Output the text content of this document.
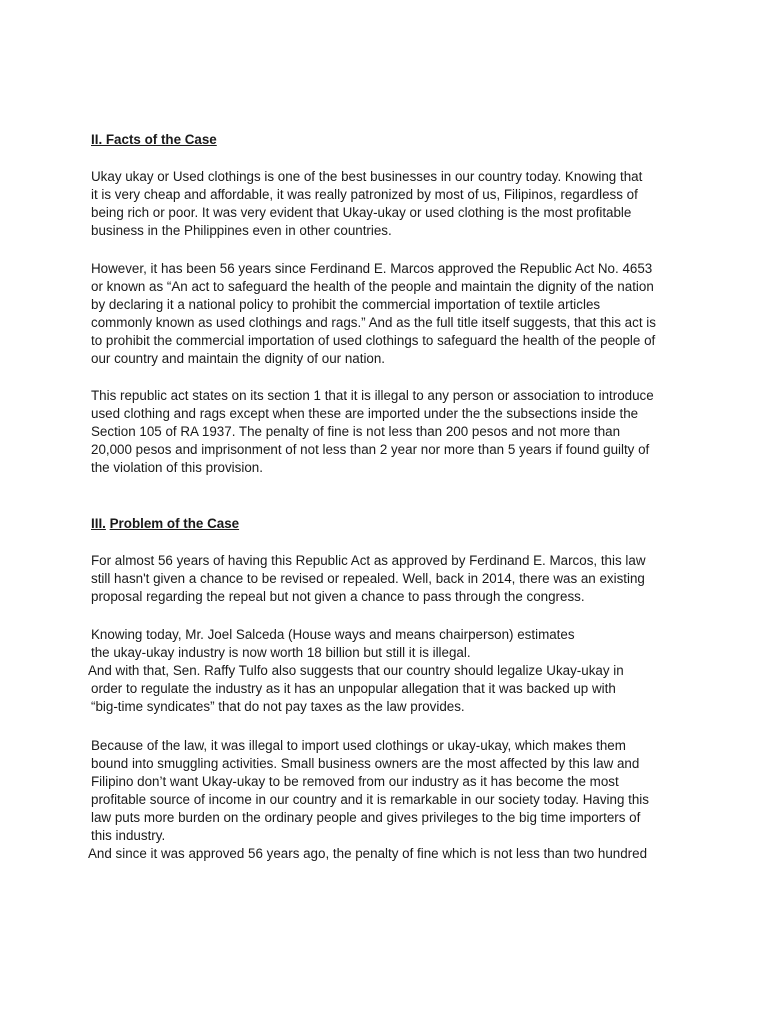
II. Facts of the Case
Ukay ukay or Used clothings is one of the best businesses in our country today. Knowing that
it is very cheap and affordable, it was really patronized by most of us, Filipinos, regardless of
being rich or poor. It was very evident that Ukay-ukay or used clothing is the most profitable
business in the Philippines even in other countries.
However, it has been 56 years since Ferdinand E. Marcos approved the Republic Act No. 4653
or known as “An act to safeguard the health of the people and maintain the dignity of the nation
by declaring it a national policy to prohibit the commercial importation of textile articles
commonly known as used clothings and rags.” And as the full title itself suggests, that this act is
to prohibit the commercial importation of used clothings to safeguard the health of the people of
our country and maintain the dignity of our nation.
This republic act states on its section 1 that it is illegal to any person or association to introduce
used clothing and rags except when these are imported under the the subsections inside the
Section 105 of RA 1937. The penalty of fine is not less than 200 pesos and not more than
20,000 pesos and imprisonment of not less than 2 year nor more than 5 years if found guilty of
the violation of this provision.
III. Problem of the Case
For almost 56 years of having this Republic Act as approved by Ferdinand E. Marcos, this law
still hasn't given a chance to be revised or repealed. Well, back in 2014, there was an existing
proposal regarding the repeal but not given a chance to pass through the congress.
Knowing today, Mr. Joel Salceda (House ways and means chairperson) estimates
the ukay-ukay industry is now worth 18 billion but still it is illegal.
And with that, Sen. Raffy Tulfo also suggests that our country should legalize Ukay-ukay in
order to regulate the industry as it has an unpopular allegation that it was backed up with
“big-time syndicates” that do not pay taxes as the law provides.
Because of the law, it was illegal to import used clothings or ukay-ukay, which makes them
bound into smuggling activities. Small business owners are the most affected by this law and
Filipino don’t want Ukay-ukay to be removed from our industry as it has become the most
profitable source of income in our country and it is remarkable in our society today. Having this
law puts more burden on the ordinary people and gives privileges to the big time importers of
this industry.
And since it was approved 56 years ago, the penalty of fine which is not less than two hundred
